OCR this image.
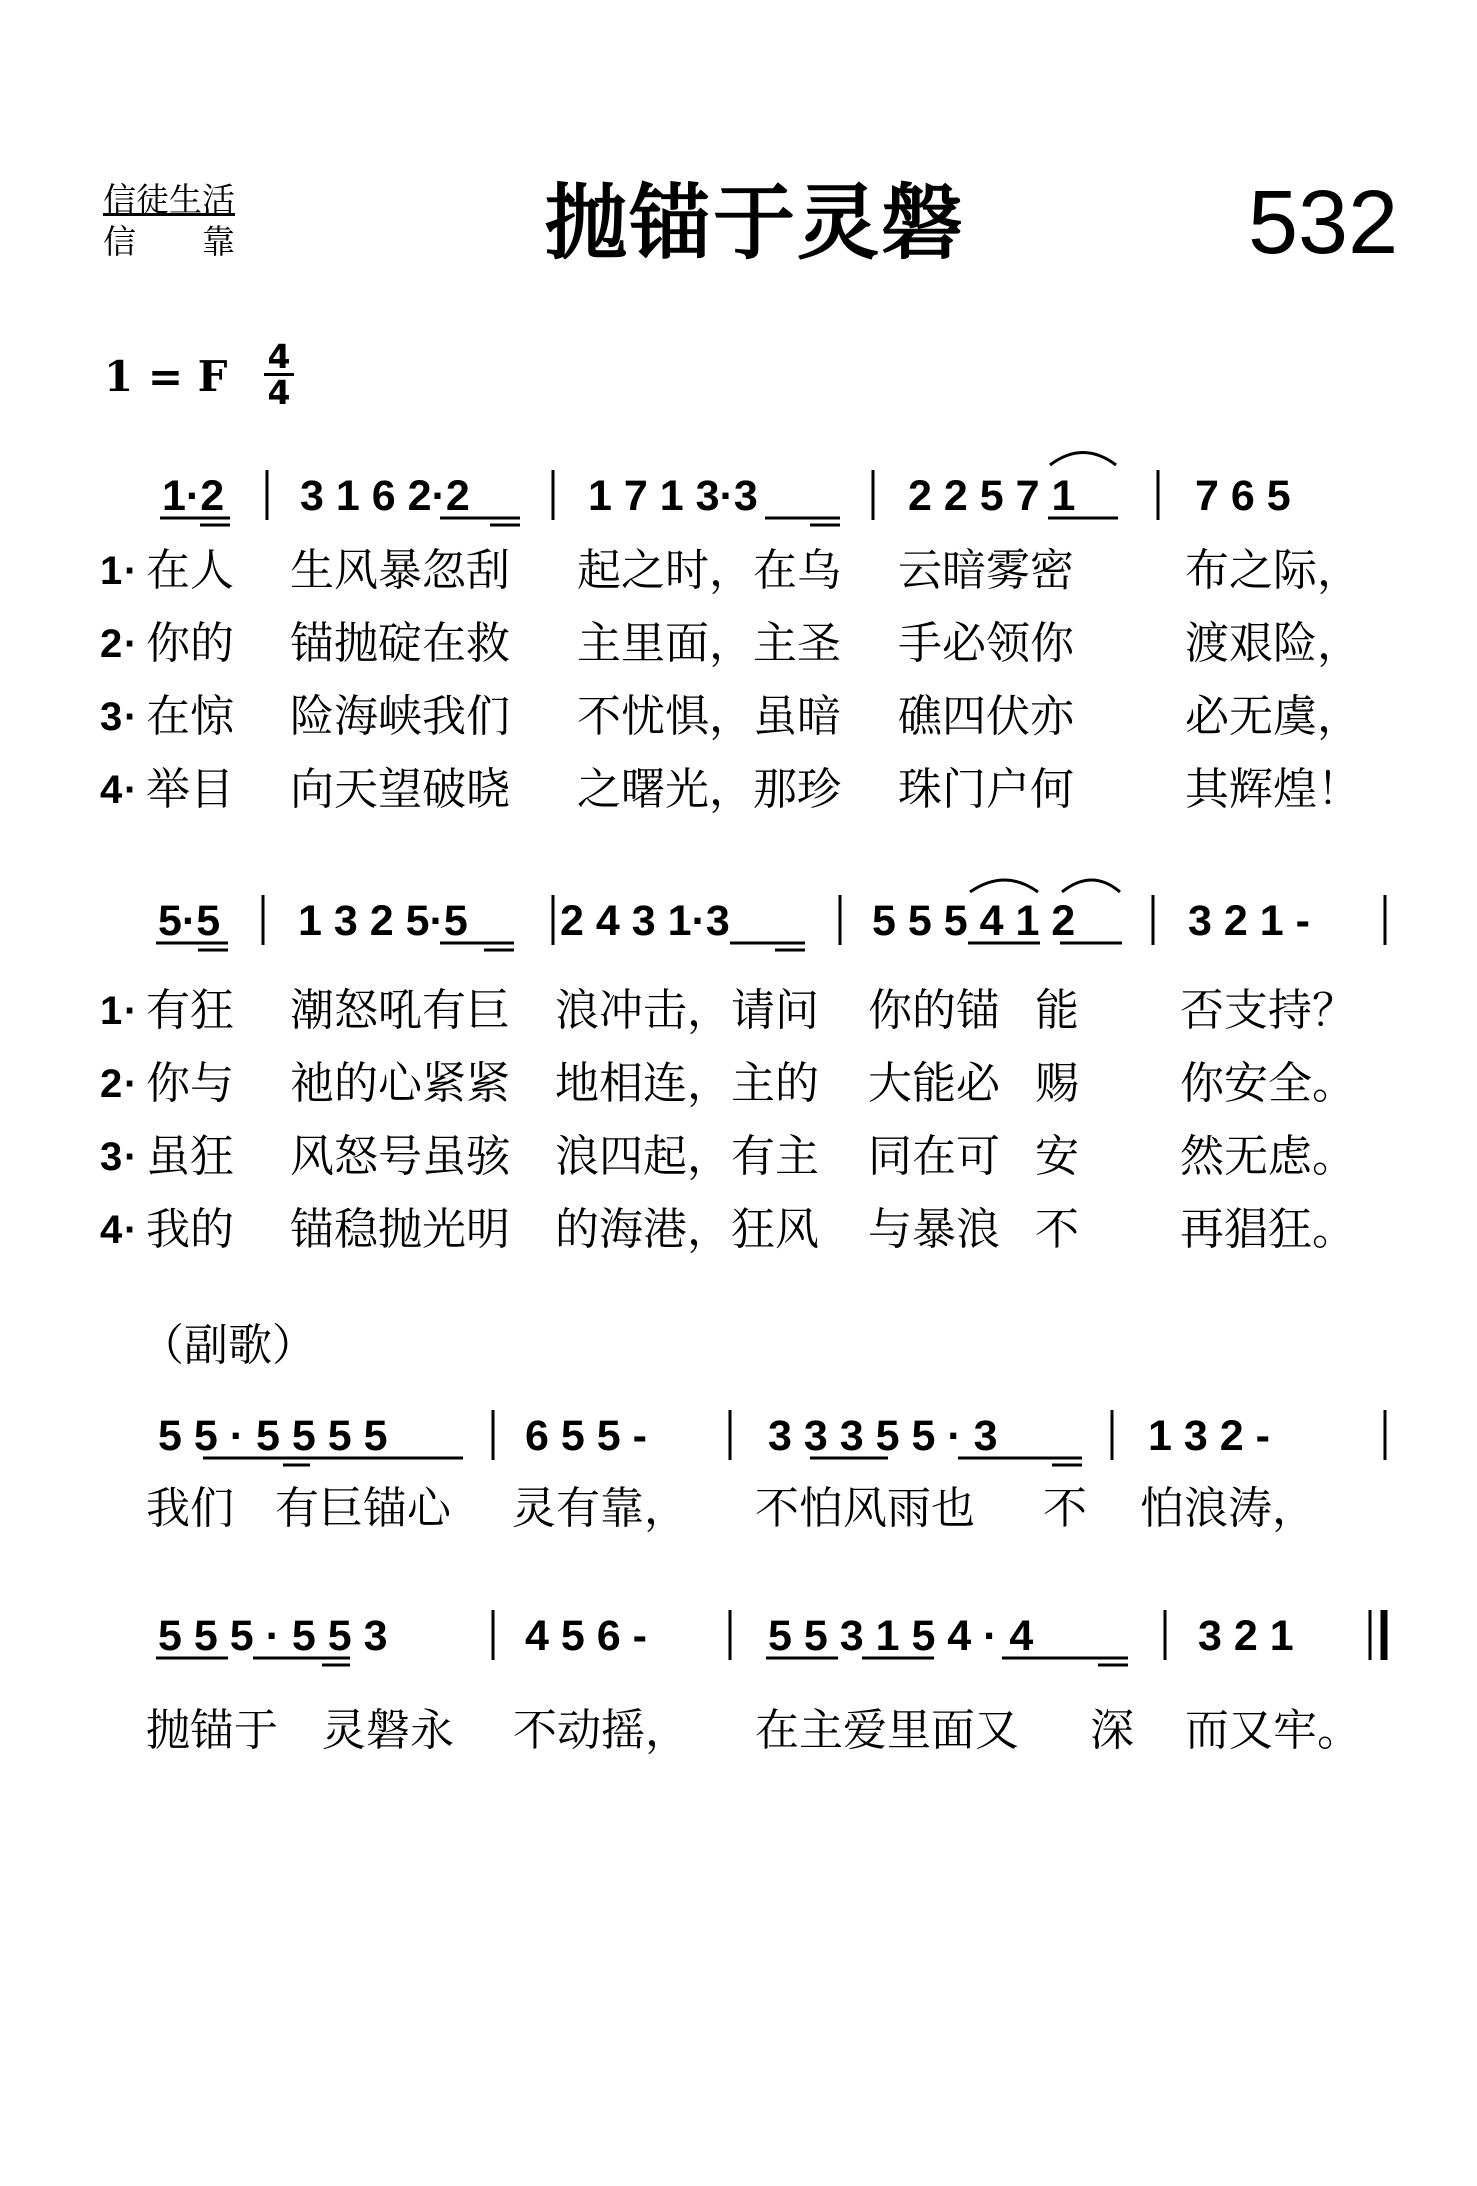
信徒生活
信　　靠	抛锚于灵磐	532
1 = F 4
4
1·2 3 1 6 2·2	1 7 1 3·3	2 2 5 7 1	7 6 5
5·5 1 3 2 5·5 2 4 3 1·3	5 5 5 4 1 2	3 2 1 -
5 5 · 5 5 5 5	6 5 5 -	3 3 3 5 5 · 3	1 3 2 -
5 5 5 · 5 5 3	4 5 6 -	5 5 3 1 5 4 · 4	3 2 1
1 · 在人 生风暴忽刮 起之时，在乌 云暗雾密	布之际，
2 · 你的 锚抛碇在救 主里面，主圣 手必领你	渡艰险，
3 · 在惊 险海峡我们 不忧惧，虽暗 礁四伏亦	必无虞，
4 · 举目 向天望破晓 之曙光，那珍 珠门户何	其辉煌！
1 · 有狂 潮怒吼有巨 浪冲击，请问 你的锚 能 否支持？
2 · 你与 祂的心紧紧 地相连，主的 大能必 赐 你安全。
3 · 虽狂 风怒号虽骇 浪四起，有主 同在可 安 然无虑。
4 · 我的 锚稳抛光明 的海港，狂风 与暴浪 不 再猖狂。
（副歌）
我们 有巨锚心 灵有靠， 不怕风雨也 不 怕浪涛，
抛锚于 灵磐永 不动摇， 在主爱里面又 深 而又牢。
